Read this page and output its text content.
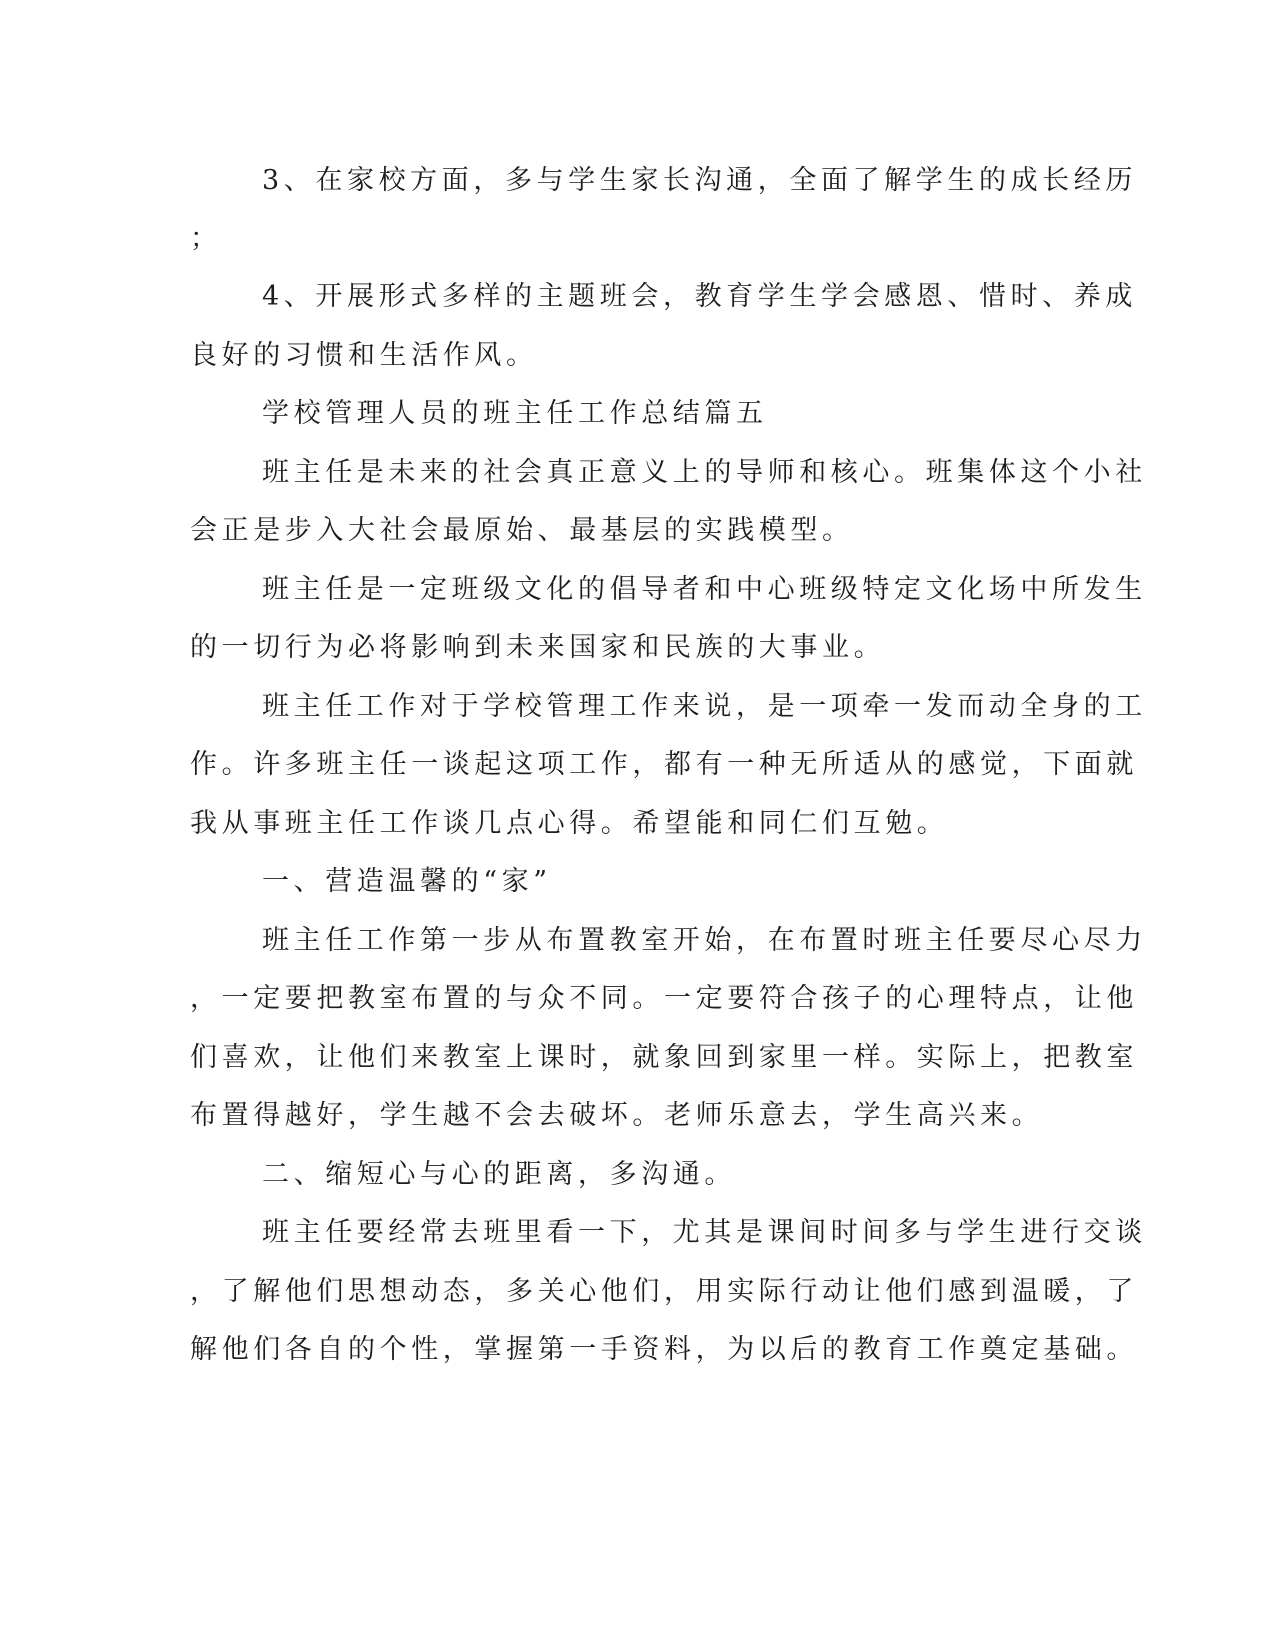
3、在家校方面，多与学生家长沟通，全面了解学生的成长经历

；

4、开展形式多样的主题班会，教育学生学会感恩、惜时、养成

良好的习惯和生活作风。

学校管理人员的班主任工作总结篇五

班主任是未来的社会真正意义上的导师和核心。班集体这个小社

会正是步入大社会最原始、最基层的实践模型。

班主任是一定班级文化的倡导者和中心班级特定文化场中所发生

的一切行为必将影响到未来国家和民族的大事业。

班主任工作对于学校管理工作来说，是一项牵一发而动全身的工

作。许多班主任一谈起这项工作，都有一种无所适从的感觉，下面就

我从事班主任工作谈几点心得。希望能和同仁们互勉。

一、营造温馨的“家”

班主任工作第一步从布置教室开始，在布置时班主任要尽心尽力

，一定要把教室布置的与众不同。一定要符合孩子的心理特点，让他

们喜欢，让他们来教室上课时，就象回到家里一样。实际上，把教室

布置得越好，学生越不会去破坏。老师乐意去，学生高兴来。

二、缩短心与心的距离，多沟通。

班主任要经常去班里看一下，尤其是课间时间多与学生进行交谈

，了解他们思想动态，多关心他们，用实际行动让他们感到温暖，了

解他们各自的个性，掌握第一手资料，为以后的教育工作奠定基础。
